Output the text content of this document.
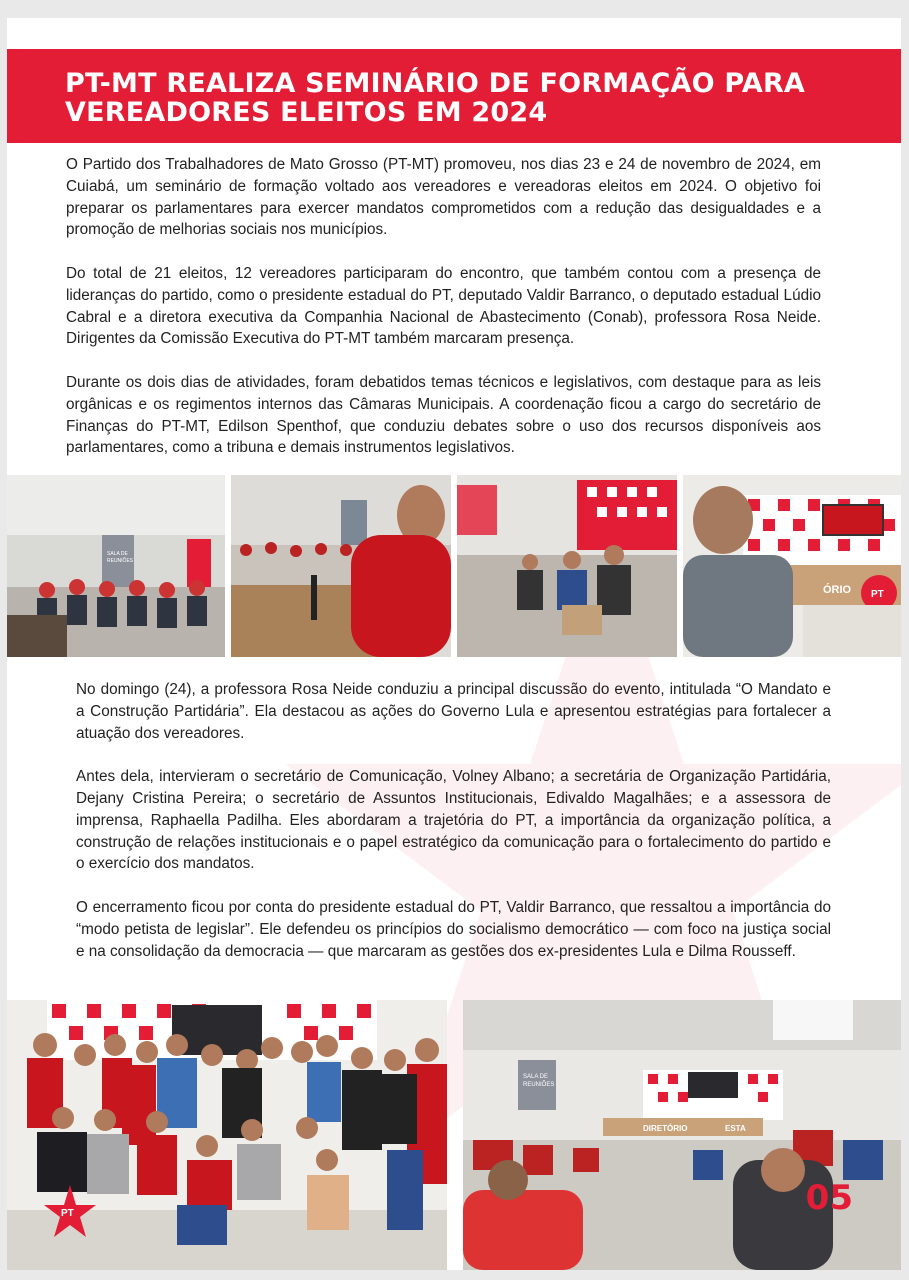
PT-MT REALIZA SEMINÁRIO DE FORMAÇÃO PARA VEREADORES ELEITOS EM 2024

O Partido dos Trabalhadores de Mato Grosso (PT-MT) promoveu, nos dias 23 e 24 de novembro de 2024, em Cuiabá, um seminário de formação voltado aos vereadores e vereadoras eleitos em 2024. O objetivo foi preparar os parlamentares para exercer mandatos comprometidos com a redução das desigualdades e a promoção de melhorias sociais nos municípios.

Do total de 21 eleitos, 12 vereadores participaram do encontro, que também contou com a presença de lideranças do partido, como o presidente estadual do PT, deputado Valdir Barranco, o deputado estadual Lúdio Cabral e a diretora executiva da Companhia Nacional de Abastecimento (Conab), professora Rosa Neide. Dirigentes da Comissão Executiva do PT-MT também marcaram presença.

Durante os dois dias de atividades, foram debatidos temas técnicos e legislativos, com destaque para as leis orgânicas e os regimentos internos das Câmaras Municipais. A coordenação ficou a cargo do secretário de Finanças do PT-MT, Edilson Spenthof, que conduziu debates sobre o uso dos recursos disponíveis aos parlamentares, como a tribuna e demais instrumentos legislativos.

SALA DE
REUNIÕES
ÓRIO PT

No domingo (24), a professora Rosa Neide conduziu a principal discussão do evento, intitulada “O Mandato e a Construção Partidária”. Ela destacou as ações do Governo Lula e apresentou estratégias para fortalecer a atuação dos vereadores.

Antes dela, intervieram o secretário de Comunicação, Volney Albano; a secretária de Organização Partidária, Dejany Cristina Pereira; o secretário de Assuntos Institucionais, Edivaldo Magalhães; e a assessora de imprensa, Raphaella Padilha. Eles abordaram a trajetória do PT, a importância da organização política, a construção de relações institucionais e o papel estratégico da comunicação para o fortalecimento do partido e o exercício dos mandatos.

O encerramento ficou por conta do presidente estadual do PT, Valdir Barranco, que ressaltou a importância do “modo petista de legislar”. Ele defendeu os princípios do socialismo democrático — com foco na justiça social e na consolidação da democracia — que marcaram as gestões dos ex-presidentes Lula e Dilma Rousseff.

PT
SALA DE
REUNIÕES
DIRETÓRIO	ESTA
05
